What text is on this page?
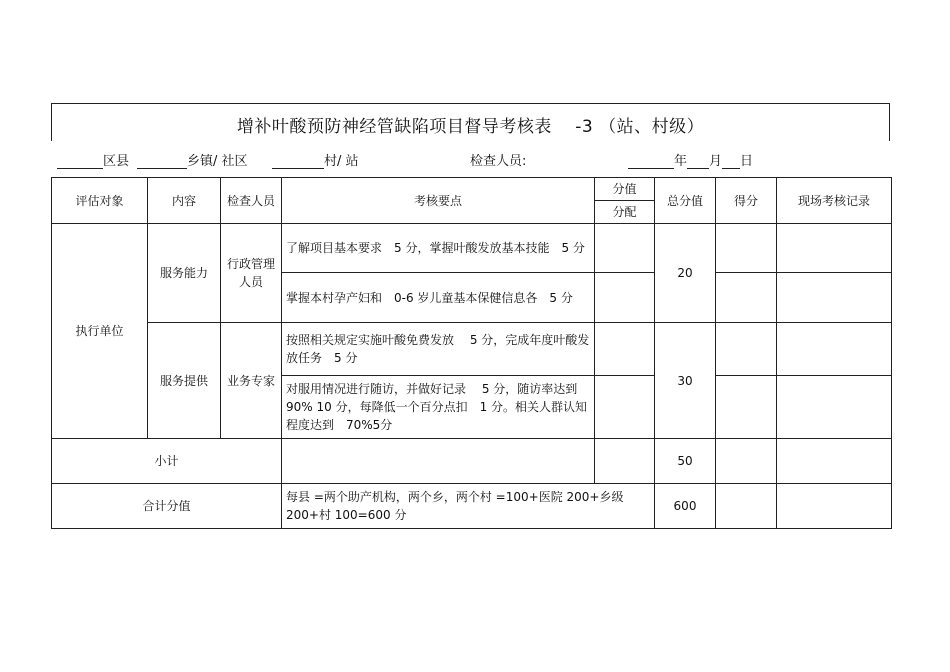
增补叶酸预防神经管缺陷项目督导考核表　 -3 （站、村级）
区县	乡镇/ 社区	村/ 站	检查人员:	年 月 日
评估对象	内容	检查人员	考核要点	分值	总分值	得分	现场考核记录
				分配			
执行单位	服务能力	行政管理人员	了解项目基本要求　5 分，掌握叶酸发放基本技能　5 分		20		
			掌握本村孕产妇和　0-6 岁儿童基本保健信息各　5 分				
	服务提供	业务专家	按照相关规定实施叶酸免费发放　 5 分，完成年度叶酸发放任务　5 分		30		
			对服用情况进行随访，并做好记录　 5 分，随访率达到 90% 10 分，每降低一个百分点扣　1 分。相关人群认知程度达到　70%5分				
小计					50		
合计分值			每县 =两个助产机构，两个乡，两个村 =100+医院 200+乡级 200+村 100=600 分		600		
